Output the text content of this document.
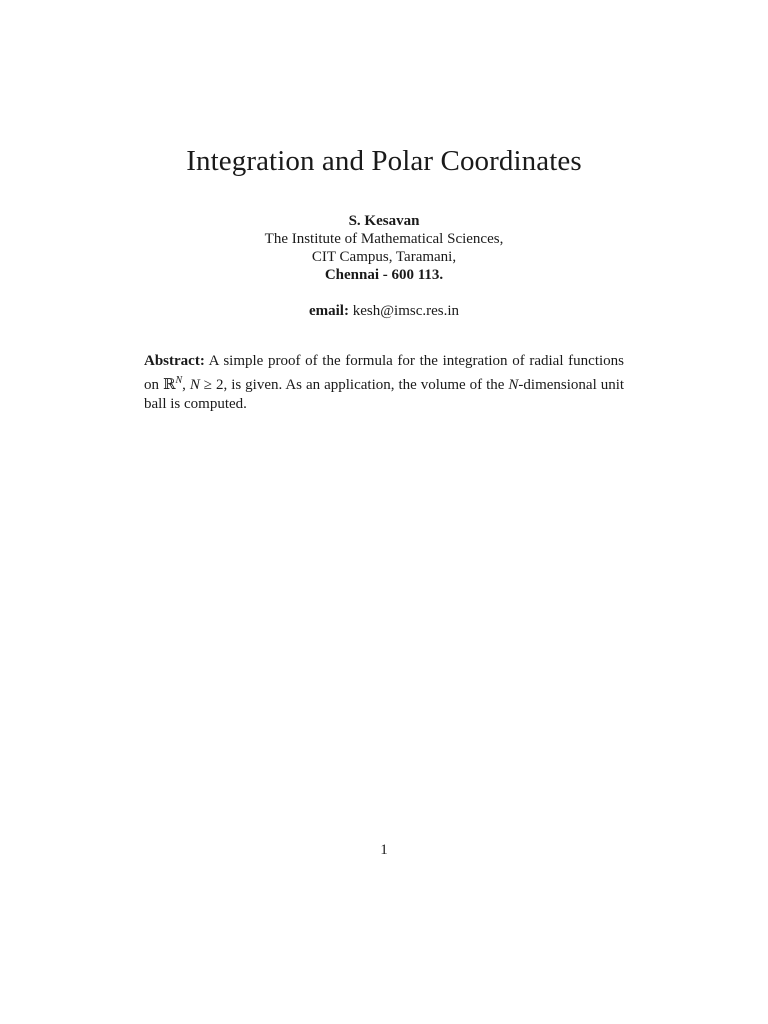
Integration and Polar Coordinates
S. Kesavan
The Institute of Mathematical Sciences,
CIT Campus, Taramani,
Chennai - 600 113.
email: kesh@imsc.res.in
Abstract: A simple proof of the formula for the integration of radial functions on ℝ$^N$, N ≥ 2, is given. As an application, the volume of the N-dimensional unit ball is computed.
1
